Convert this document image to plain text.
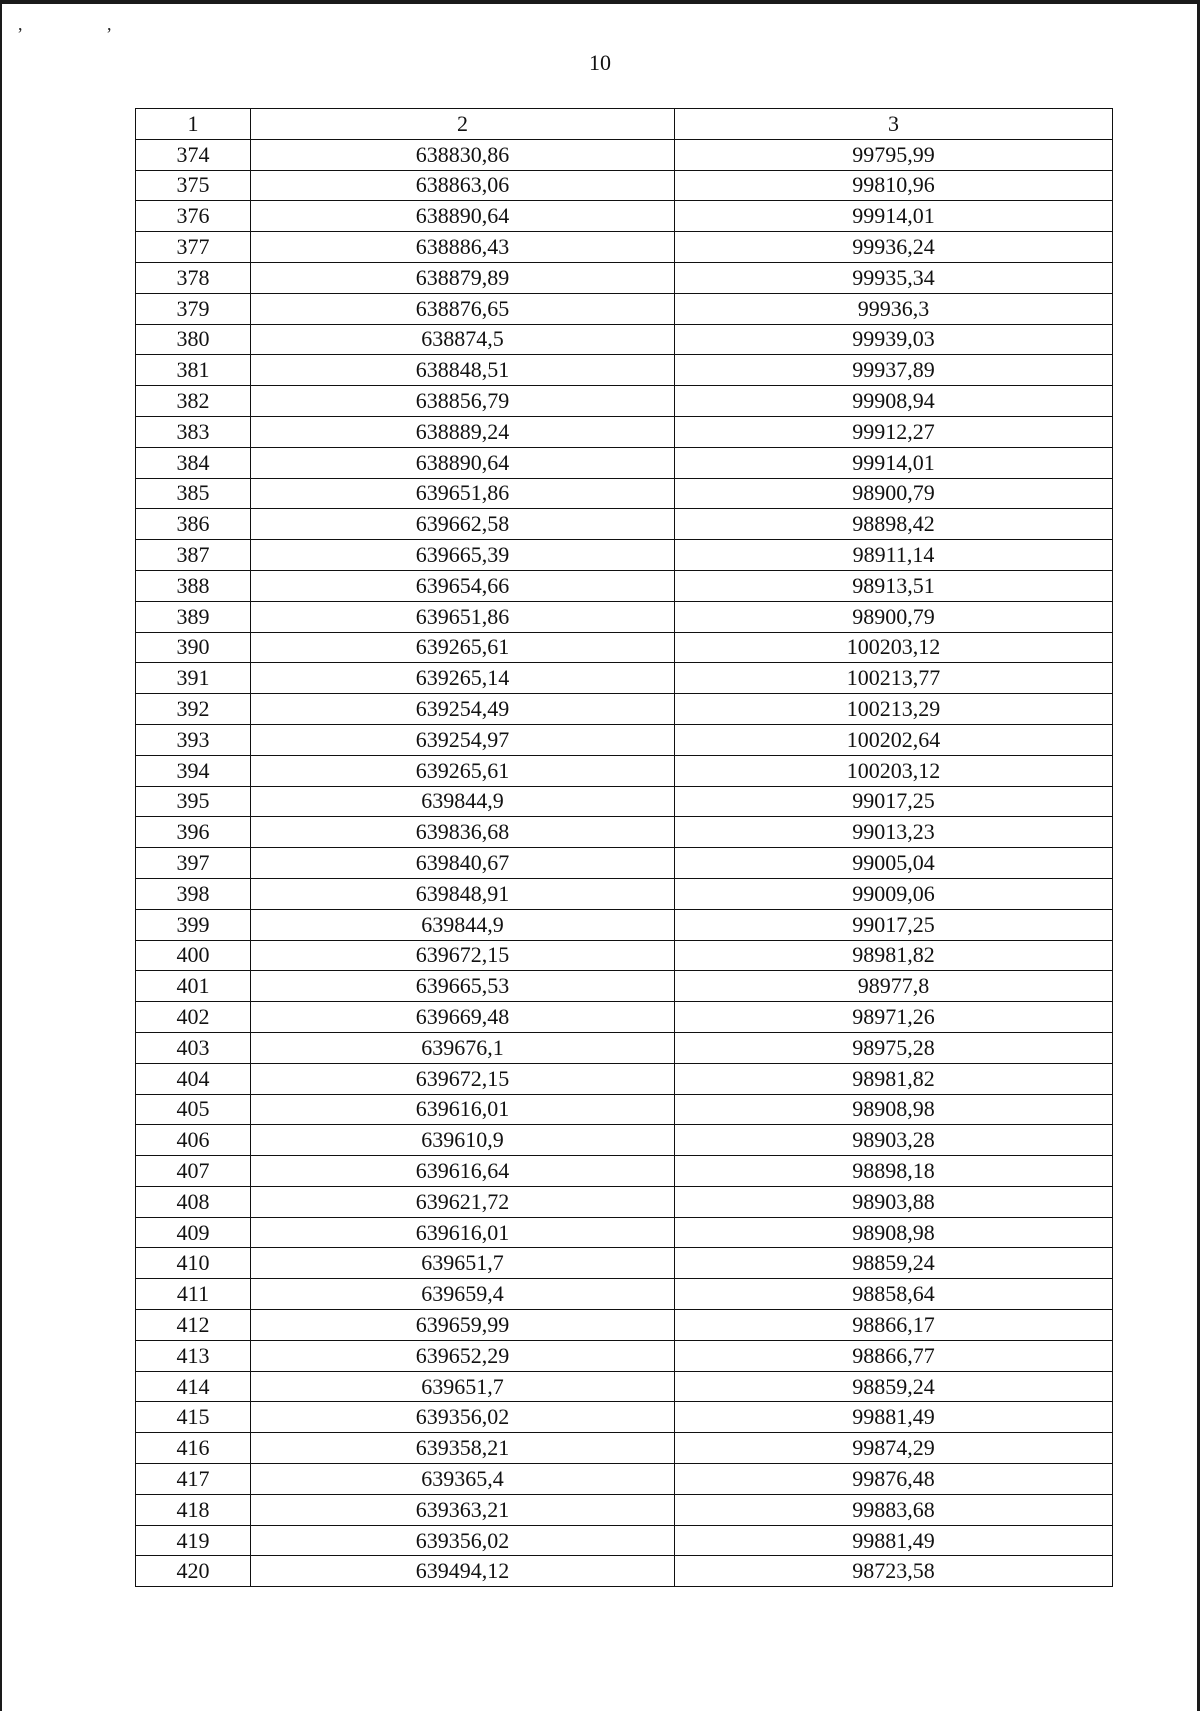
, ,
10
1	2	3
374	638830,86	99795,99
375	638863,06	99810,96
376	638890,64	99914,01
377	638886,43	99936,24
378	638879,89	99935,34
379	638876,65	99936,3
380	638874,5	99939,03
381	638848,51	99937,89
382	638856,79	99908,94
383	638889,24	99912,27
384	638890,64	99914,01
385	639651,86	98900,79
386	639662,58	98898,42
387	639665,39	98911,14
388	639654,66	98913,51
389	639651,86	98900,79
390	639265,61	100203,12
391	639265,14	100213,77
392	639254,49	100213,29
393	639254,97	100202,64
394	639265,61	100203,12
395	639844,9	99017,25
396	639836,68	99013,23
397	639840,67	99005,04
398	639848,91	99009,06
399	639844,9	99017,25
400	639672,15	98981,82
401	639665,53	98977,8
402	639669,48	98971,26
403	639676,1	98975,28
404	639672,15	98981,82
405	639616,01	98908,98
406	639610,9	98903,28
407	639616,64	98898,18
408	639621,72	98903,88
409	639616,01	98908,98
410	639651,7	98859,24
411	639659,4	98858,64
412	639659,99	98866,17
413	639652,29	98866,77
414	639651,7	98859,24
415	639356,02	99881,49
416	639358,21	99874,29
417	639365,4	99876,48
418	639363,21	99883,68
419	639356,02	99881,49
420	639494,12	98723,58
